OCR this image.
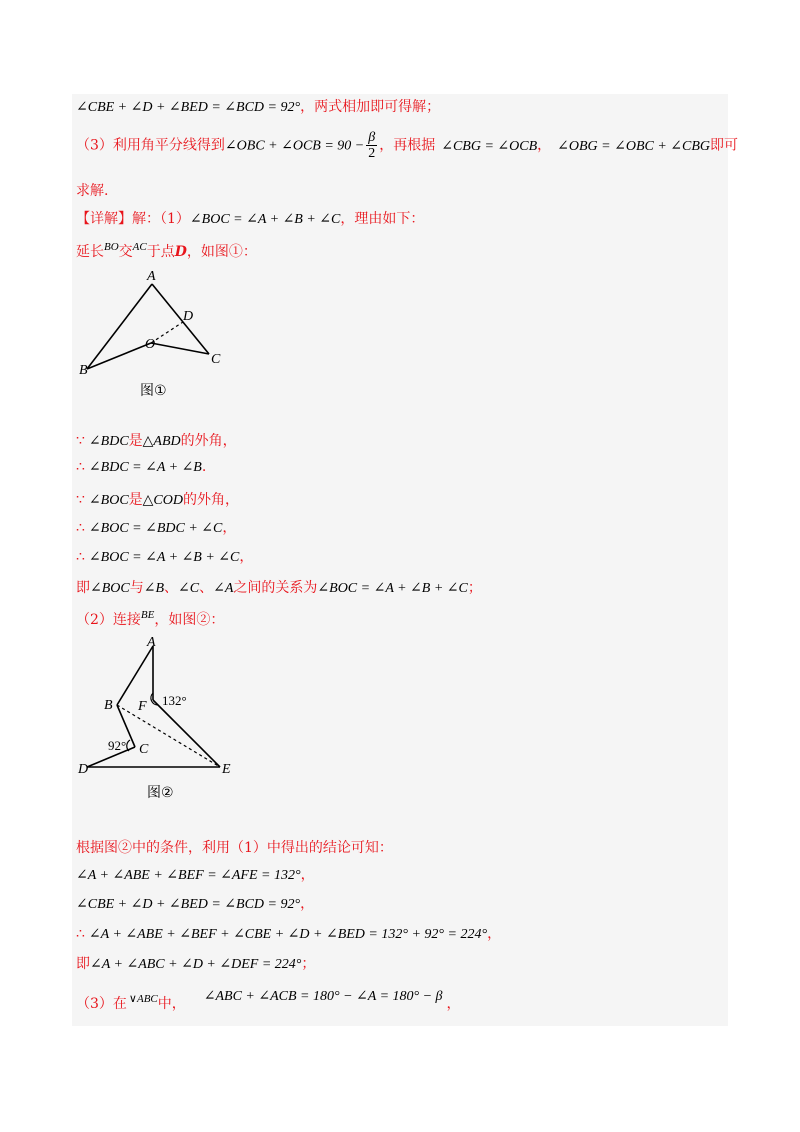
∠CBE + ∠D + ∠BED = ∠BCD = 92°，两式相加即可得解；
（3）利用角平分线得到∠OBC + ∠OCB = $90 - \frac{\beta}{2}$ ，再根据 ∠CBG = ∠OCB， ∠OBG = ∠OBC + ∠CBG即可
求解.
【详解】解：（1）∠BOC = ∠A + ∠B + ∠C，理由如下：
延长$^{BO}$交$^{AC}$于点D，如图①：
A
B
C
D
O
图①
∵ ∠BDC是△ABD的外角，
∴ ∠BDC = ∠A + ∠B.
∵ ∠BOC是△COD的外角，
∴ ∠BOC = ∠BDC + ∠C，
∴ ∠BOC = ∠A + ∠B + ∠C，
即∠BOC与∠B、∠C、∠A之间的关系为∠BOC = ∠A + ∠B + ∠C；
（2）连接$^{BE}$，如图②：
A
B
C
D	E
F 132°
92°
图②
根据图②中的条件，利用（1）中得出的结论可知：
∠A + ∠ABE + ∠BEF = ∠AFE = 132°，
∠CBE + ∠D + ∠BED = ∠BCD = 92°，
∴ ∠A + ∠ABE + ∠BEF + ∠CBE + ∠D + ∠BED = 132° + 92° = 224°，
即∠A + ∠ABC + ∠D + ∠DEF = 224°；
（3）在 $^{\vee ABC}$中， ∠ABC + ∠ACB = 180° − ∠A = 180° − β ，
